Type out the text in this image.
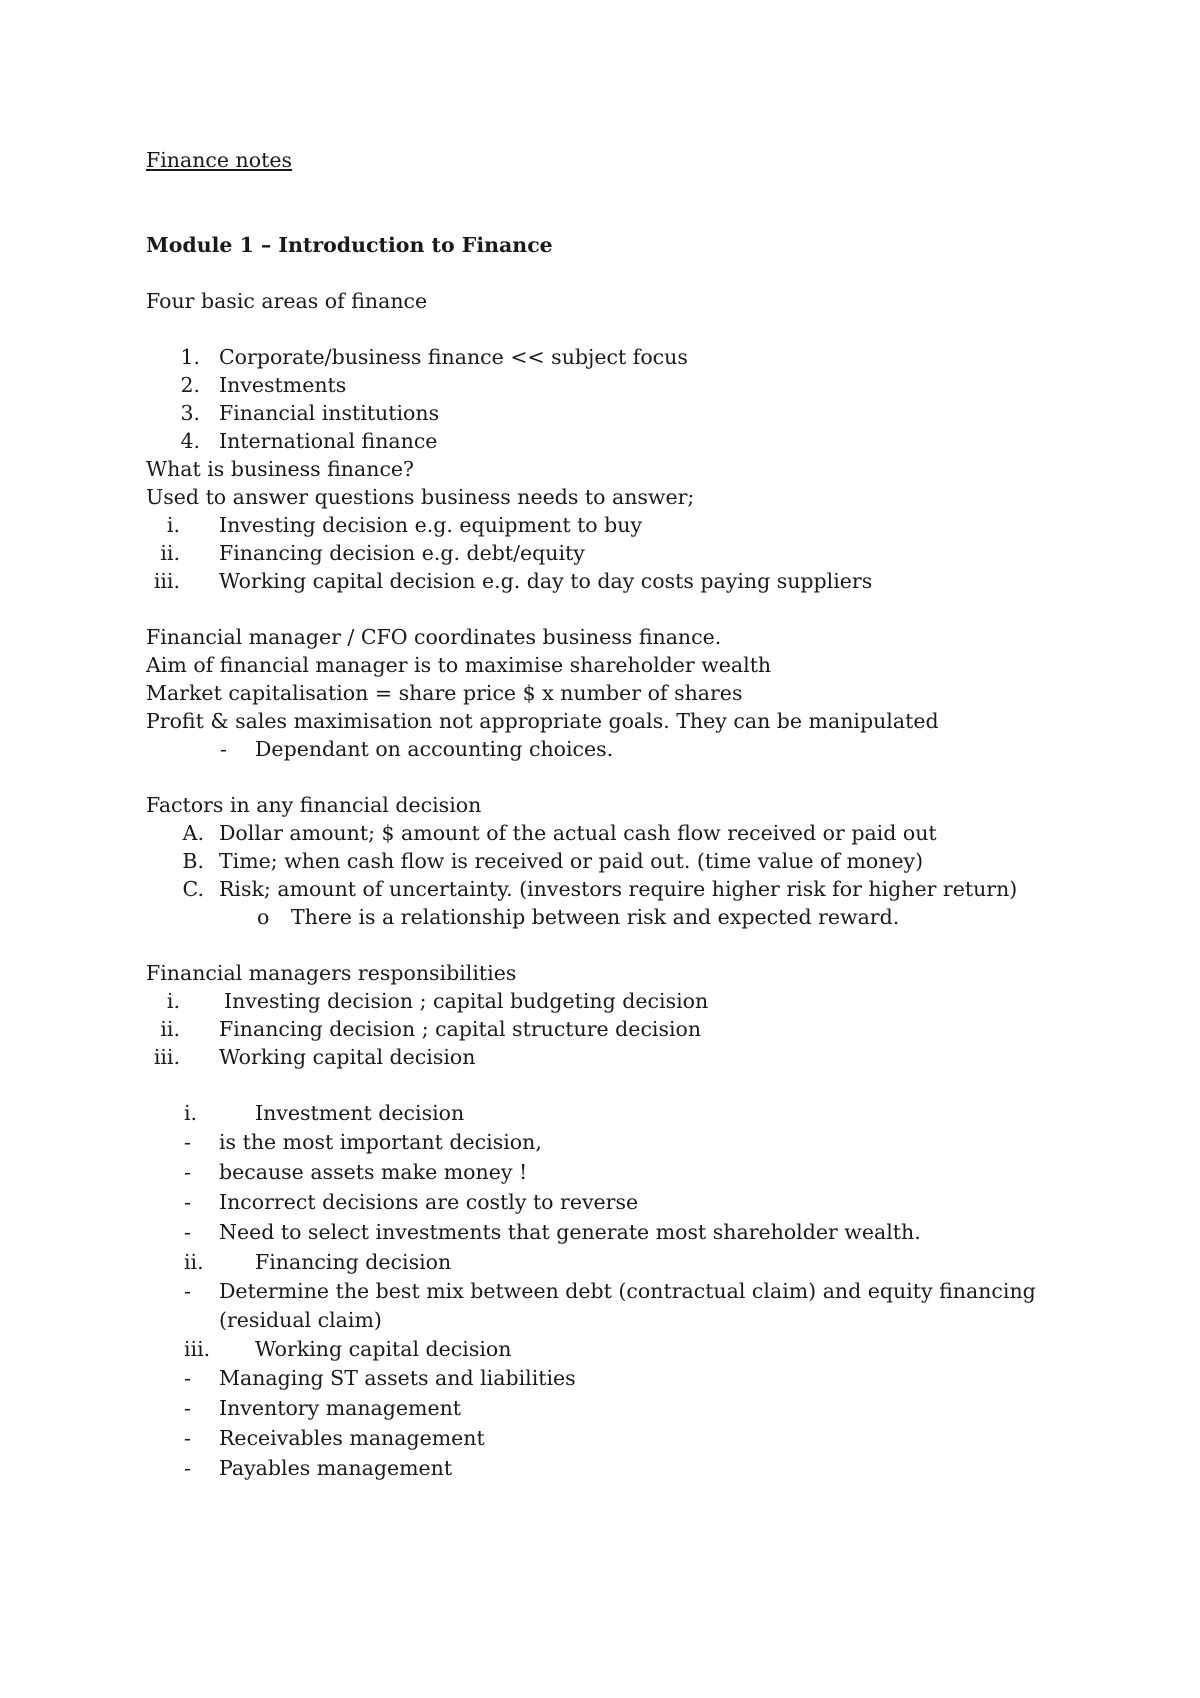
Finance notes
Module 1 – Introduction to Finance
Four basic areas of finance
1. Corporate/business finance << subject focus
2. Investments
3. Financial institutions
4. International finance
What is business finance?
Used to answer questions business needs to answer;
i. Investing decision e.g. equipment to buy
ii. Financing decision e.g. debt/equity
iii. Working capital decision e.g. day to day costs paying suppliers
Financial manager / CFO coordinates business finance.
Aim of financial manager is to maximise shareholder wealth
Market capitalisation = share price $ x number of shares
Profit & sales maximisation not appropriate goals. They can be manipulated
- Dependant on accounting choices.
Factors in any financial decision
A. Dollar amount; $ amount of the actual cash flow received or paid out
B. Time; when cash flow is received or paid out. (time value of money)
C. Risk; amount of uncertainty. (investors require higher risk for higher return)
o There is a relationship between risk and expected reward.
Financial managers responsibilities
i. Investing decision ; capital budgeting decision
ii. Financing decision ; capital structure decision
iii. Working capital decision
i.	Investment decision
- is the most important decision,
- because assets make money !
- Incorrect decisions are costly to reverse
- Need to select investments that generate most shareholder wealth.
ii.	Financing decision
- Determine the best mix between debt (contractual claim) and equity financing
(residual claim)
iii. Working capital decision
- Managing ST assets and liabilities
- Inventory management
- Receivables management
- Payables management
